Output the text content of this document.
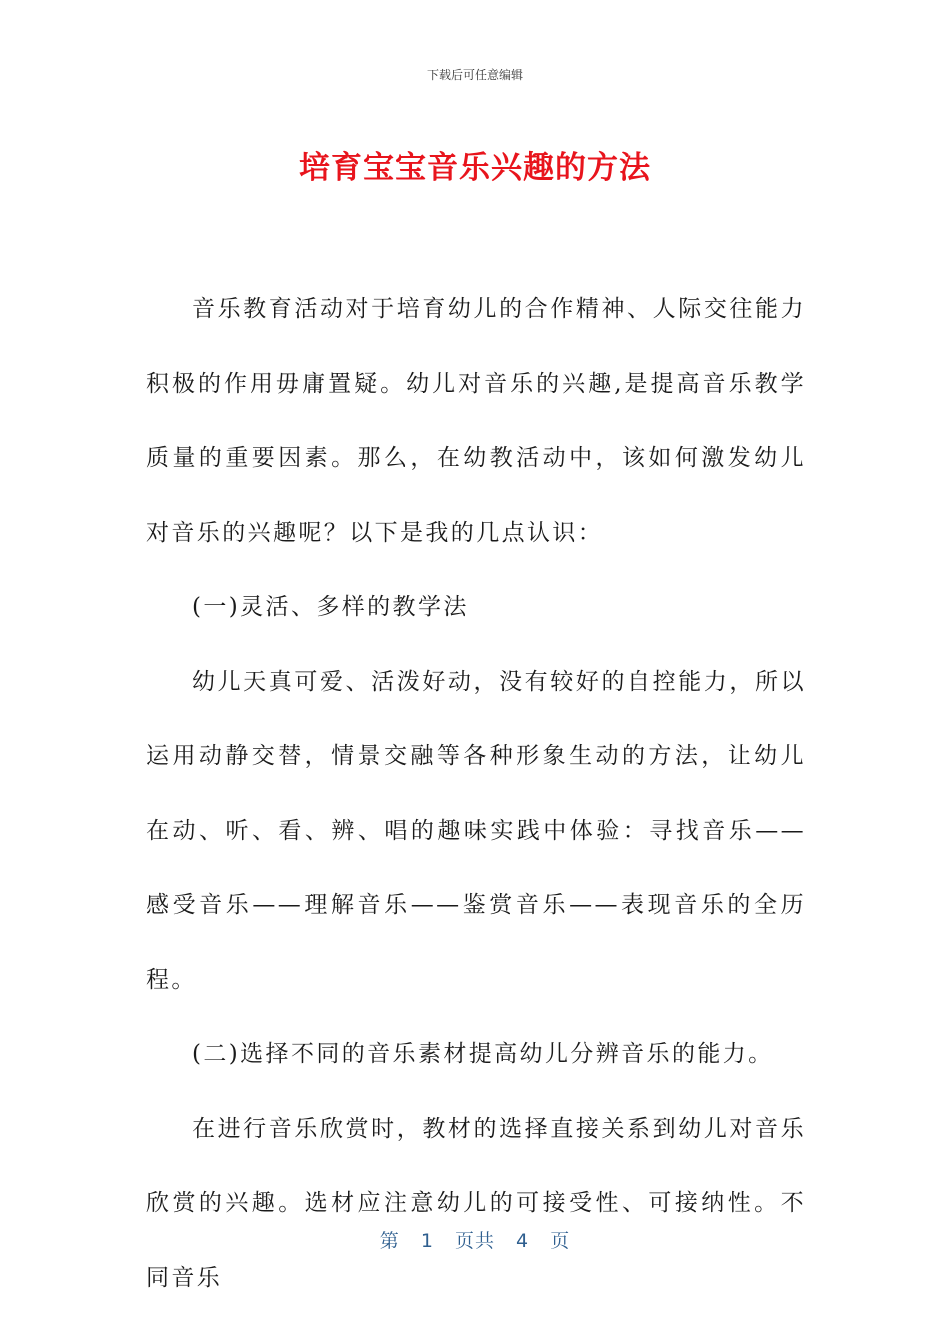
下载后可任意编辑
培育宝宝音乐兴趣的方法

音乐教育活动对于培育幼儿的合作精神、人际交往能力积极的作用毋庸置疑。幼儿对音乐的兴趣,是提高音乐教学质量的重要因素。那么，在幼教活动中，该如何激发幼儿对音乐的兴趣呢？以下是我的几点认识：

(一)灵活、多样的教学法

幼儿天真可爱、活泼好动，没有较好的自控能力，所以运用动静交替，情景交融等各种形象生动的方法，让幼儿在动、听、看、辨、唱的趣味实践中体验：寻找音乐——感受音乐——理解音乐——鉴赏音乐——表现音乐的全历程。

(二)选择不同的音乐素材提高幼儿分辨音乐的能力。

在进行音乐欣赏时，教材的选择直接关系到幼儿对音乐欣赏的兴趣。选材应注意幼儿的可接受性、可接纳性。不同音乐

第 1 页共 4 页
